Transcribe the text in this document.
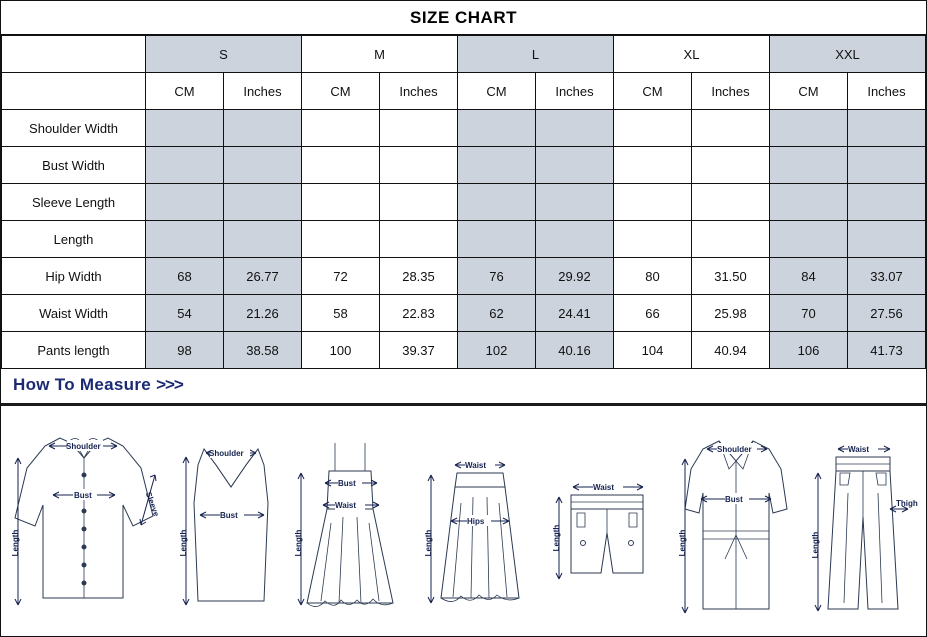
SIZE CHART
	S		M		L		XL		XXL	
	CM	Inches	CM	Inches	CM	Inches	CM	Inches	CM	Inches
Shoulder Width										
Bust Width										
Sleeve Length										
Length										
Hip Width	68	26.77	72	28.35	76	29.92	80	31.50	84	33.07
Waist Width	54	21.26	58	22.83	62	24.41	66	25.98	70	27.56
Pants length	98	38.58	100	39.37	102	40.16	104	40.94	106	41.73
How To Measure >>>
Shoulder
Bust
Length
Sleeve
Shoulder
Bust
Length
Bust
Waist
Length
Waist
Hips
Length
Waist
Length
Shoulder
Bust
Length
Waist
Thigh
Length
